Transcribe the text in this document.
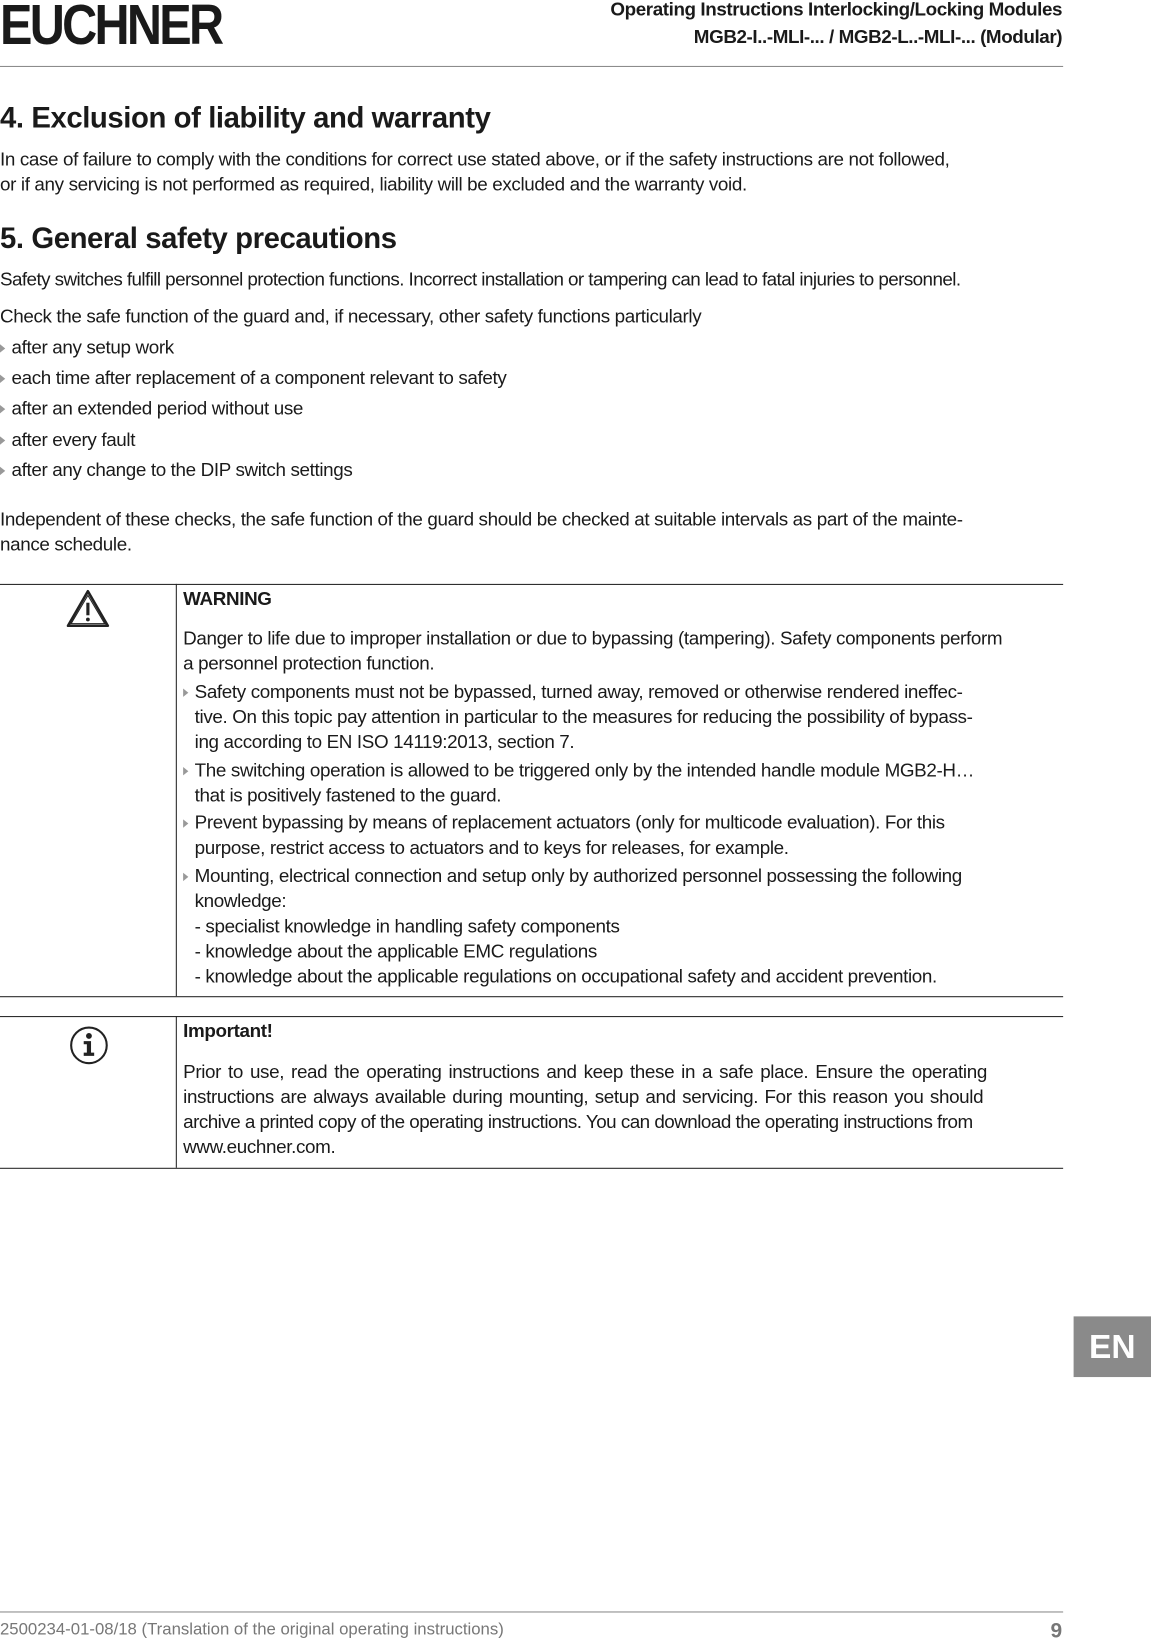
EUCHNER	Operating Instructions Interlocking/Locking Modules
MGB2-I..-MLI-... / MGB2-L..-MLI-... (Modular)
4. Exclusion of liability and warranty
In case of failure to comply with the conditions for correct use stated above, or if the safety instructions are not followed,
or if any servicing is not performed as required, liability will be excluded and the warranty void.
5. General safety precautions
Safety switches fulfill personnel protection functions. Incorrect installation or tampering can lead to fatal injuries to personnel.
Check the safe function of the guard and, if necessary, other safety functions particularly
after any setup work
each time after replacement of a component relevant to safety
after an extended period without use
after every fault
after any change to the DIP switch settings
Independent of these checks, the safe function of the guard should be checked at suitable intervals as part of the mainte-
nance schedule.
WARNING
Danger to life due to improper installation or due to bypassing (tampering). Safety components perform
a personnel protection function.
Safety components must not be bypassed, turned away, removed or otherwise rendered ineffec-
tive. On this topic pay attention in particular to the measures for reducing the possibility of bypass-
ing according to EN ISO 14119:2013, section 7.
The switching operation is allowed to be triggered only by the intended handle module MGB2-H…
that is positively fastened to the guard.
Prevent bypassing by means of replacement actuators (only for multicode evaluation). For this
purpose, restrict access to actuators and to keys for releases, for example.
Mounting, electrical connection and setup only by authorized personnel possessing the following
knowledge:
- specialist knowledge in handling safety components
- knowledge about the applicable EMC regulations
- knowledge about the applicable regulations on occupational safety and accident prevention.
Important!
Prior to use, read the operating instructions and keep these in a safe place. Ensure the operating
instructions are always available during mounting, setup and servicing. For this reason you should
archive a printed copy of the operating instructions. You can download the operating instructions from
www.euchner.com.
EN
2500234-01-08/18 (Translation of the original operating instructions)	9
